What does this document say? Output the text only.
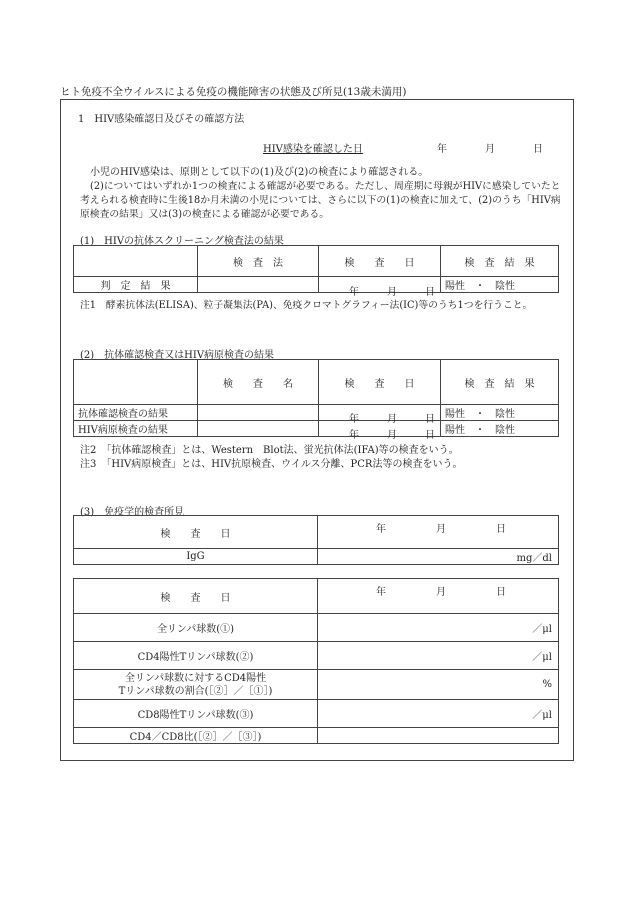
ヒト免疫不全ウイルスによる免疫の機能障害の状態及び所見(13歳未満用)
1　HIV感染確認日及びその確認方法
HIV感染を確認した日	年	月	日
小児のHIV感染は、原則として以下の(1)及び(2)の検査により確認される。
(2)についてはいずれか1つの検査による確認が必要である。ただし、周産期に母親がHIVに感染していたと考えられる検査時に生後18か月未満の小児については、さらに以下の(1)の検査に加えて、(2)のうち「HIV病原検査の結果」又は(3)の検査による確認が必要である。
(1)　HIVの抗体スクリーニング検査法の結果
	検　査　法	検　　査　　日	検　査　結　果
判　定　結　果		年 月 日	陽性　・　陰性
注1　酵素抗体法(ELISA)、粒子凝集法(PA)、免疫クロマトグラフィー法(IC)等のうち1つを行うこと。
(2)　抗体確認検査又はHIV病原検査の結果
	検　　査　　名	検　　査　　日	検　査　結　果
抗体確認検査の結果		年 月 日	陽性　・　陰性
HIV病原検査の結果		年 月 日	陽性　・　陰性
注2　「抗体確認検査」とは、Western　Blot法、蛍光抗体法(IFA)等の検査をいう。
注3　「HIV病原検査」とは、HIV抗原検査、ウイルス分離、PCR法等の検査をいう。
(3)　免疫学的検査所見
検　　査　　日	年 月 日

IgG	mg／dl
検　　査　　日	年 月 日

全リンパ球数(①)	／μl
CD4陽性Tリンパ球数(②)	／μl

全リンパ球数に対するCD4陽性
Tリンパ球数の割合(［②］／［①］)	%
CD8陽性Tリンパ球数(③)	／μl
CD4／CD8比(［②］／［③］)	
